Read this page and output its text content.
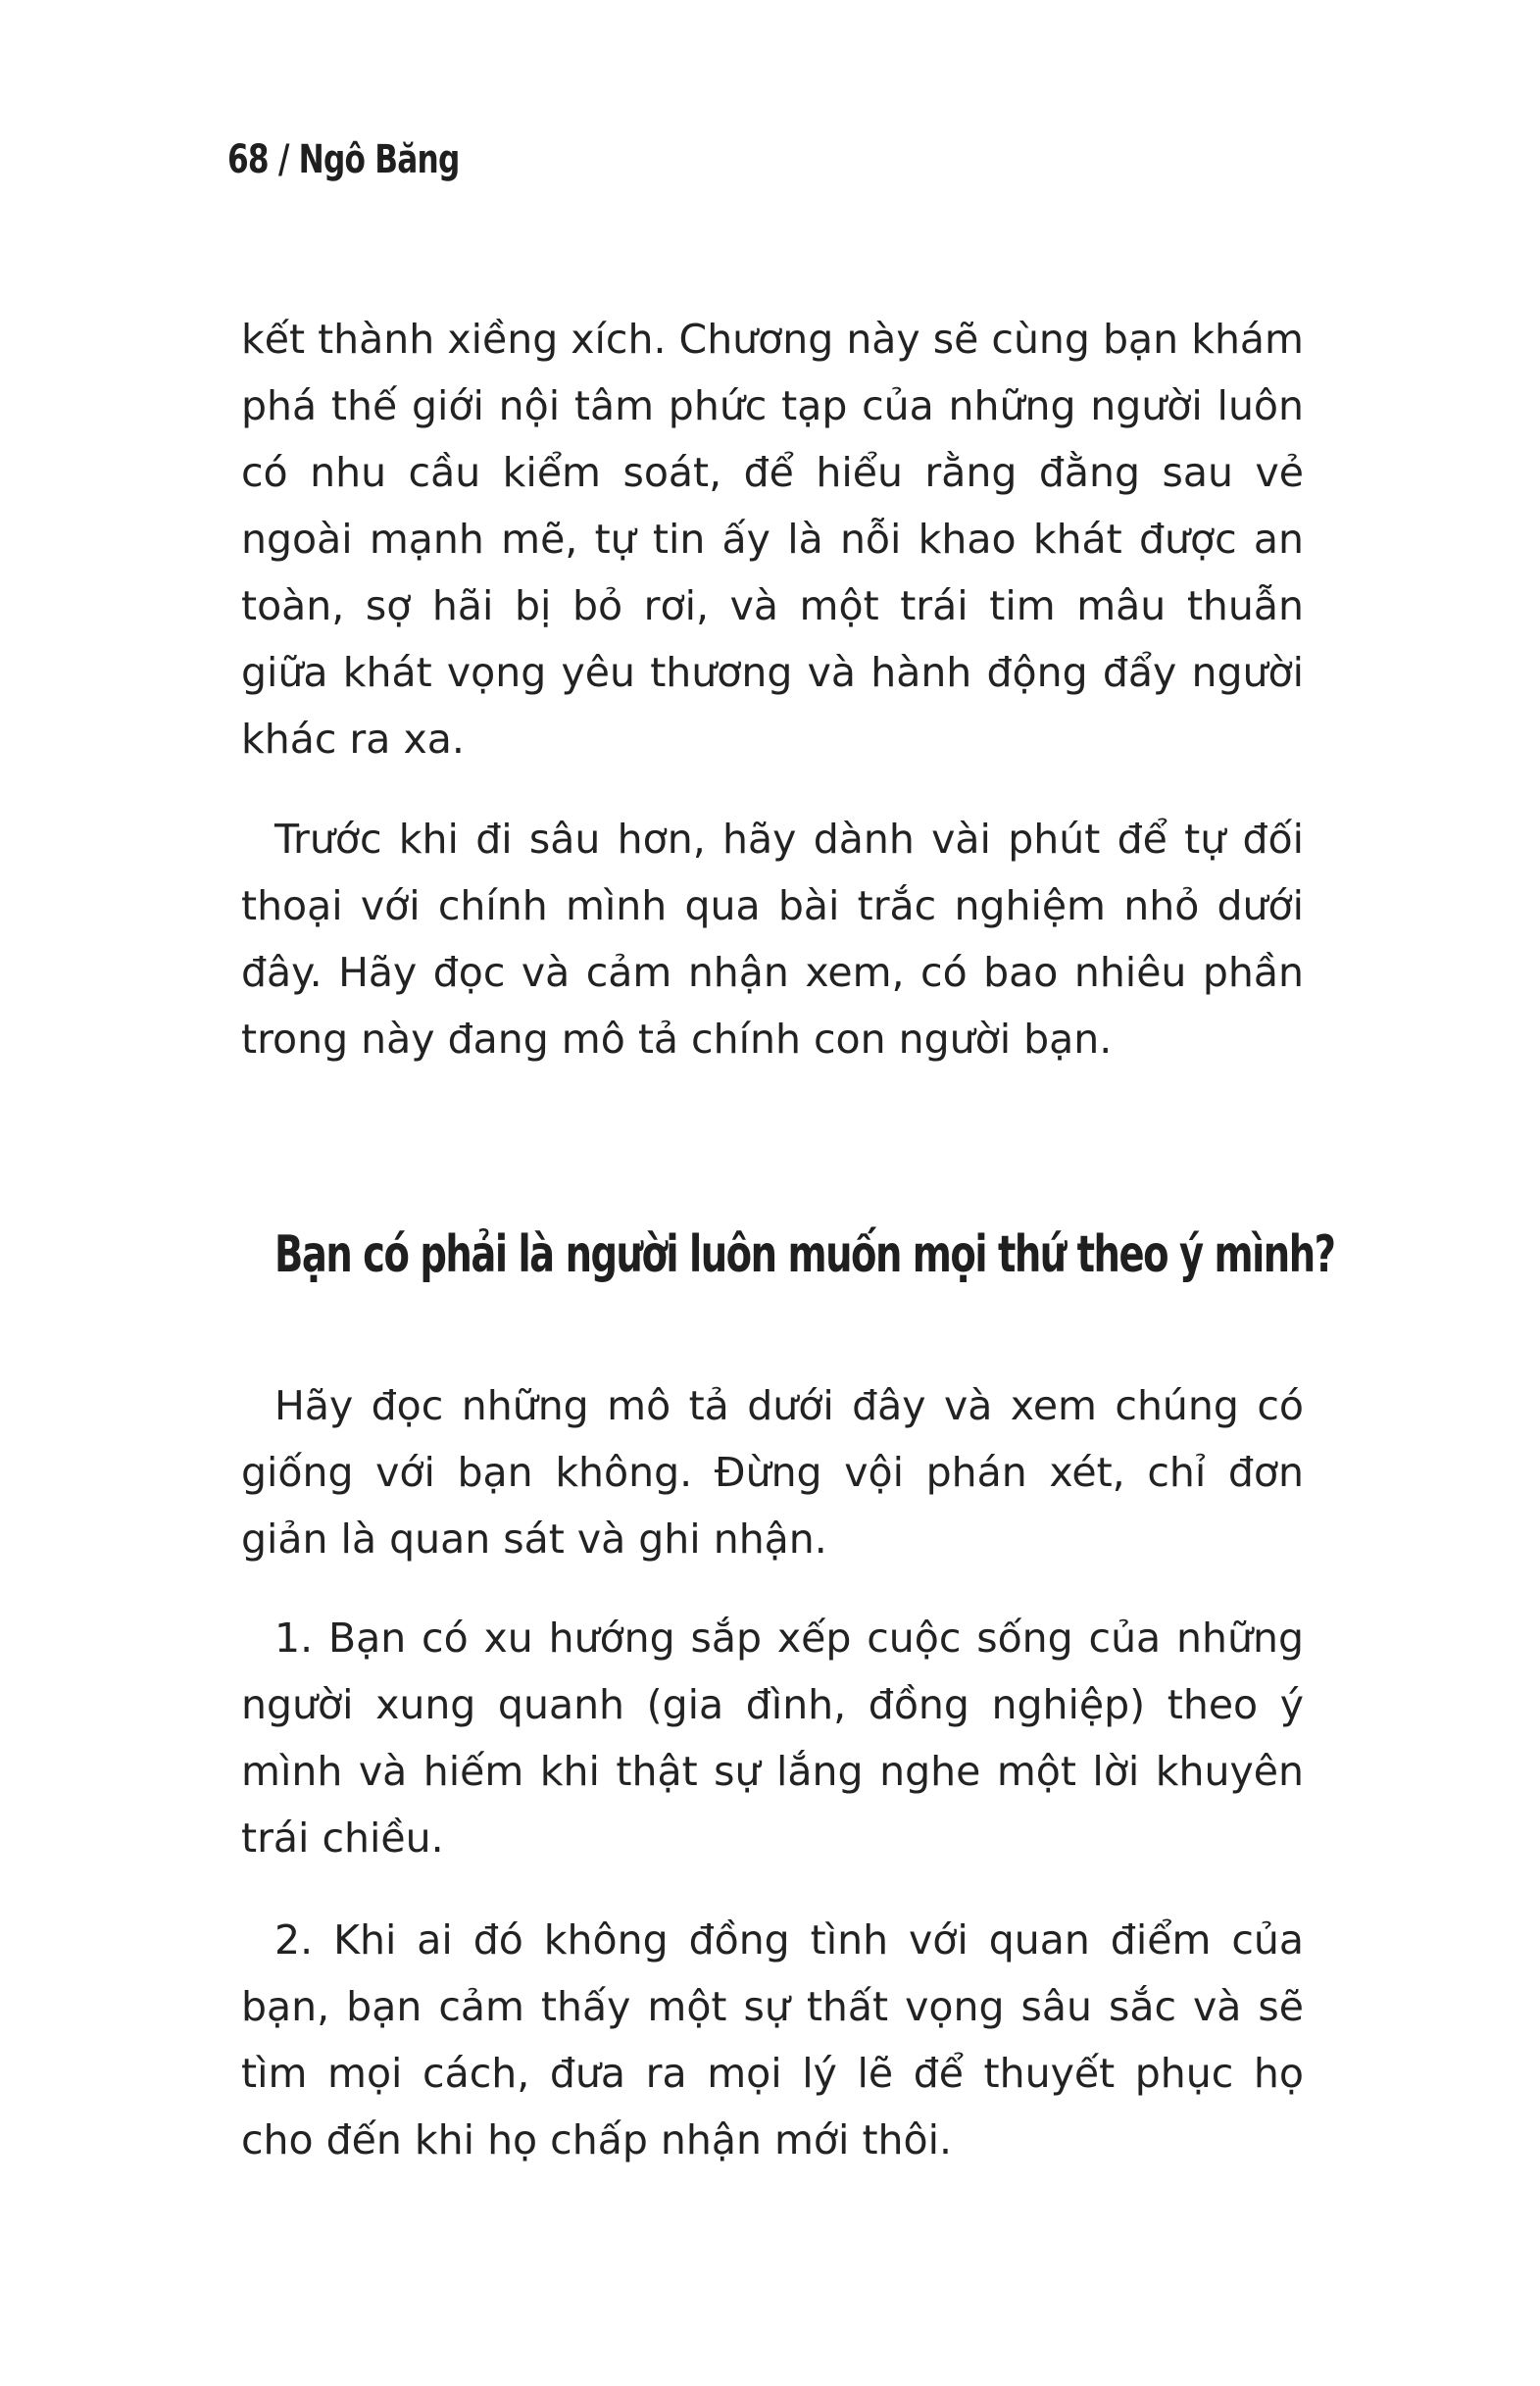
68 / Ngô Băng

kết thành xiềng xích. Chương này sẽ cùng bạn khám phá thế giới nội tâm phức tạp của những người luôn có nhu cầu kiểm soát, để hiểu rằng đằng sau vẻ ngoài mạnh mẽ, tự tin ấy là nỗi khao khát được an toàn, sợ hãi bị bỏ rơi, và một trái tim mâu thuẫn giữa khát vọng yêu thương và hành động đẩy người khác ra xa.

Trước khi đi sâu hơn, hãy dành vài phút để tự đối thoại với chính mình qua bài trắc nghiệm nhỏ dưới đây. Hãy đọc và cảm nhận xem, có bao nhiêu phần trong này đang mô tả chính con người bạn.

Bạn có phải là người luôn muốn mọi thứ theo ý mình?

Hãy đọc những mô tả dưới đây và xem chúng có giống với bạn không. Đừng vội phán xét, chỉ đơn giản là quan sát và ghi nhận.

1. Bạn có xu hướng sắp xếp cuộc sống của những người xung quanh (gia đình, đồng nghiệp) theo ý mình và hiếm khi thật sự lắng nghe một lời khuyên trái chiều.

2. Khi ai đó không đồng tình với quan điểm của bạn, bạn cảm thấy một sự thất vọng sâu sắc và sẽ tìm mọi cách, đưa ra mọi lý lẽ để thuyết phục họ cho đến khi họ chấp nhận mới thôi.
